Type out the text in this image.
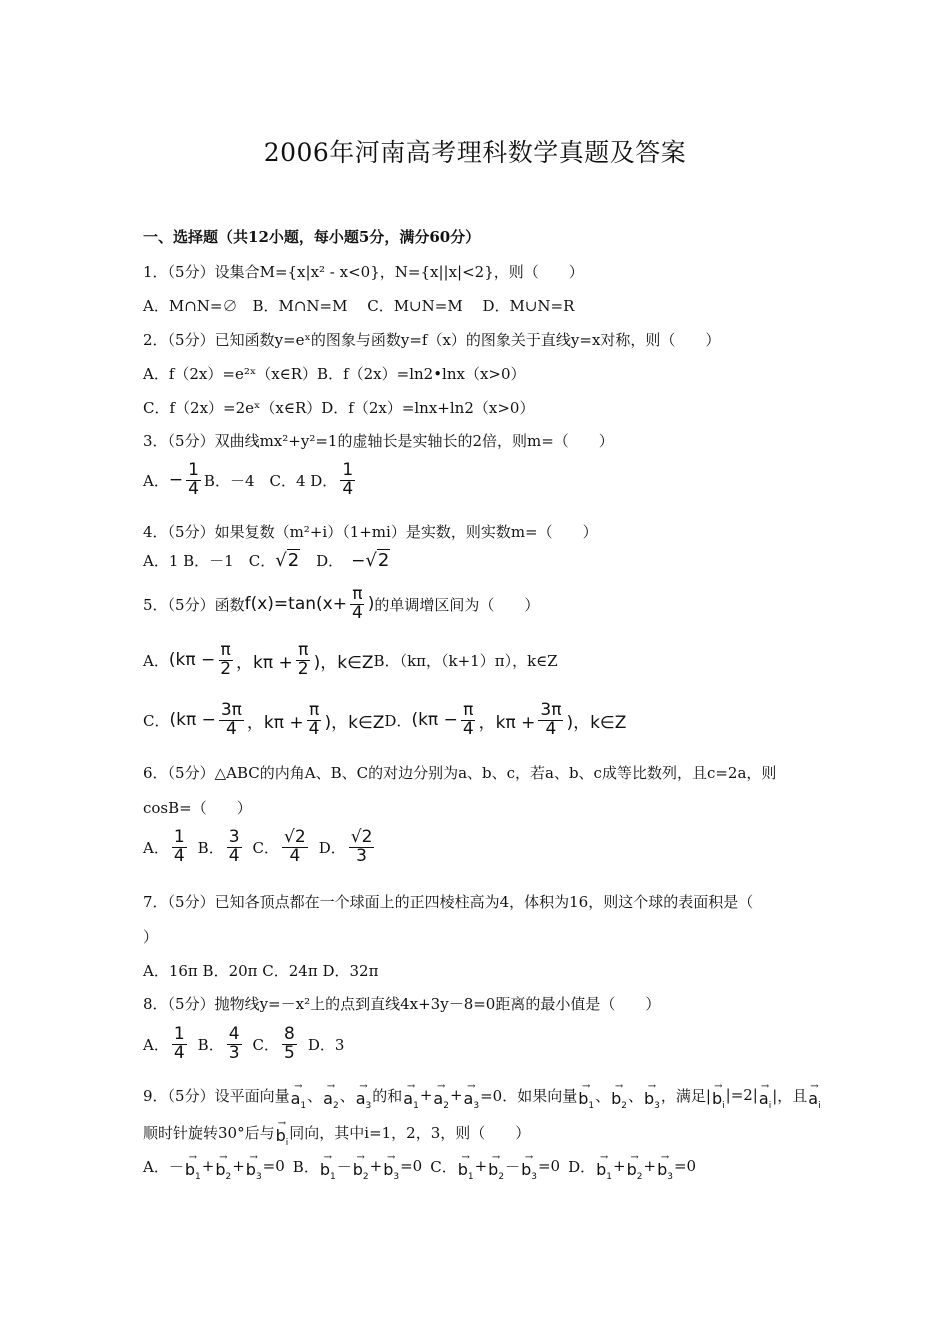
2006年河南高考理科数学真题及答案
一、选择题（共12小题，每小题5分，满分60分）
1．（5分）设集合M={x|x² - x<0}，N={x||x|<2}，则（　　）
A．M∩N=∅　B．M∩N=M　 C．M∪N=M　 D．M∪N=R
2．（5分）已知函数y=eˣ的图象与函数y=f（x）的图象关于直线y=x对称，则（　　）
A．f（2x）=e²ˣ（x∈R）B．f（2x）=ln2•lnx（x>0）
C．f（2x）=2eˣ（x∈R）D．f（2x）=lnx+ln2（x>0）
3．（5分）双曲线mx²+y²=1的虚轴长是实轴长的2倍，则m=（　　）
A． − $\frac{1}{4}$ B．－4　C．4 D． $\frac{1}{4}$
4．（5分）如果复数（m²+i）（1+mi）是实数，则实数m=（　　）
A．1 B．－1　C． √2 D． − √2
5．（5分）函数 $f(x)=\tan(x+ \frac{\pi}{4}$ ) 的单调增区间为（　　）
A． ($k\pi - \frac{\pi}{2}$ ，$k\pi + \frac{\pi}{2}$ )，k∈Z B．（kπ，（k+1）π），k∈Z
C． ($k\pi - \frac{3\pi}{4}$ ，$k\pi + \frac{\pi}{4}$ )，k∈Z D． ($k\pi - \frac{\pi}{4}$ ，$k\pi + \frac{3\pi}{4}$ )，k∈Z
6．（5分）△ABC的内角A、B、C的对边分别为a、b、c，若a、b、c成等比数列，且c=2a，则
cosB=（　　）
A． $\frac{1}{4}$ B． $\frac{3}{4}$ C． $\frac{√2}{4}$ D． $\frac{√2}{3}$
7．（5分）已知各顶点都在一个球面上的正四棱柱高为4，体积为16，则这个球的表面积是（
）
A．16π B．20π C．24π D．32π
8．（5分）抛物线y=－x²上的点到直线4x+3y－8=0距离的最小值是（　　）
A． $\frac{1}{4}$ B． $\frac{4}{3}$ C． $\frac{8}{5}$ D．3
9．（5分）设平面向量 →
$a_1$
、 →
$a_2$
、 →
$a_3$
的和 →
$a_1$
+ →
$a_2$
+ →
$a_3$
=0．如果向量 →
$b_1$
、 →
$b_2$
、 →
$b_3$
，满足| →
$b_i$
|=2| →
$a_i$
|，且 →
$a_i$
顺时针旋转30°后与 →
$b_i$
同向，其中i=1，2，3，则（　　）
A．－ →
$b_1$
+ →
$b_2$
+ →
$b_3$
=0 B． →
$b_1$
－ →
$b_2$
+ →
$b_3$
=0 C． →
$b_1$
+ →
$b_2$
－ →
$b_3$
=0 D． →
$b_1$
+ →
$b_2$
+ →
$b_3$
=0
